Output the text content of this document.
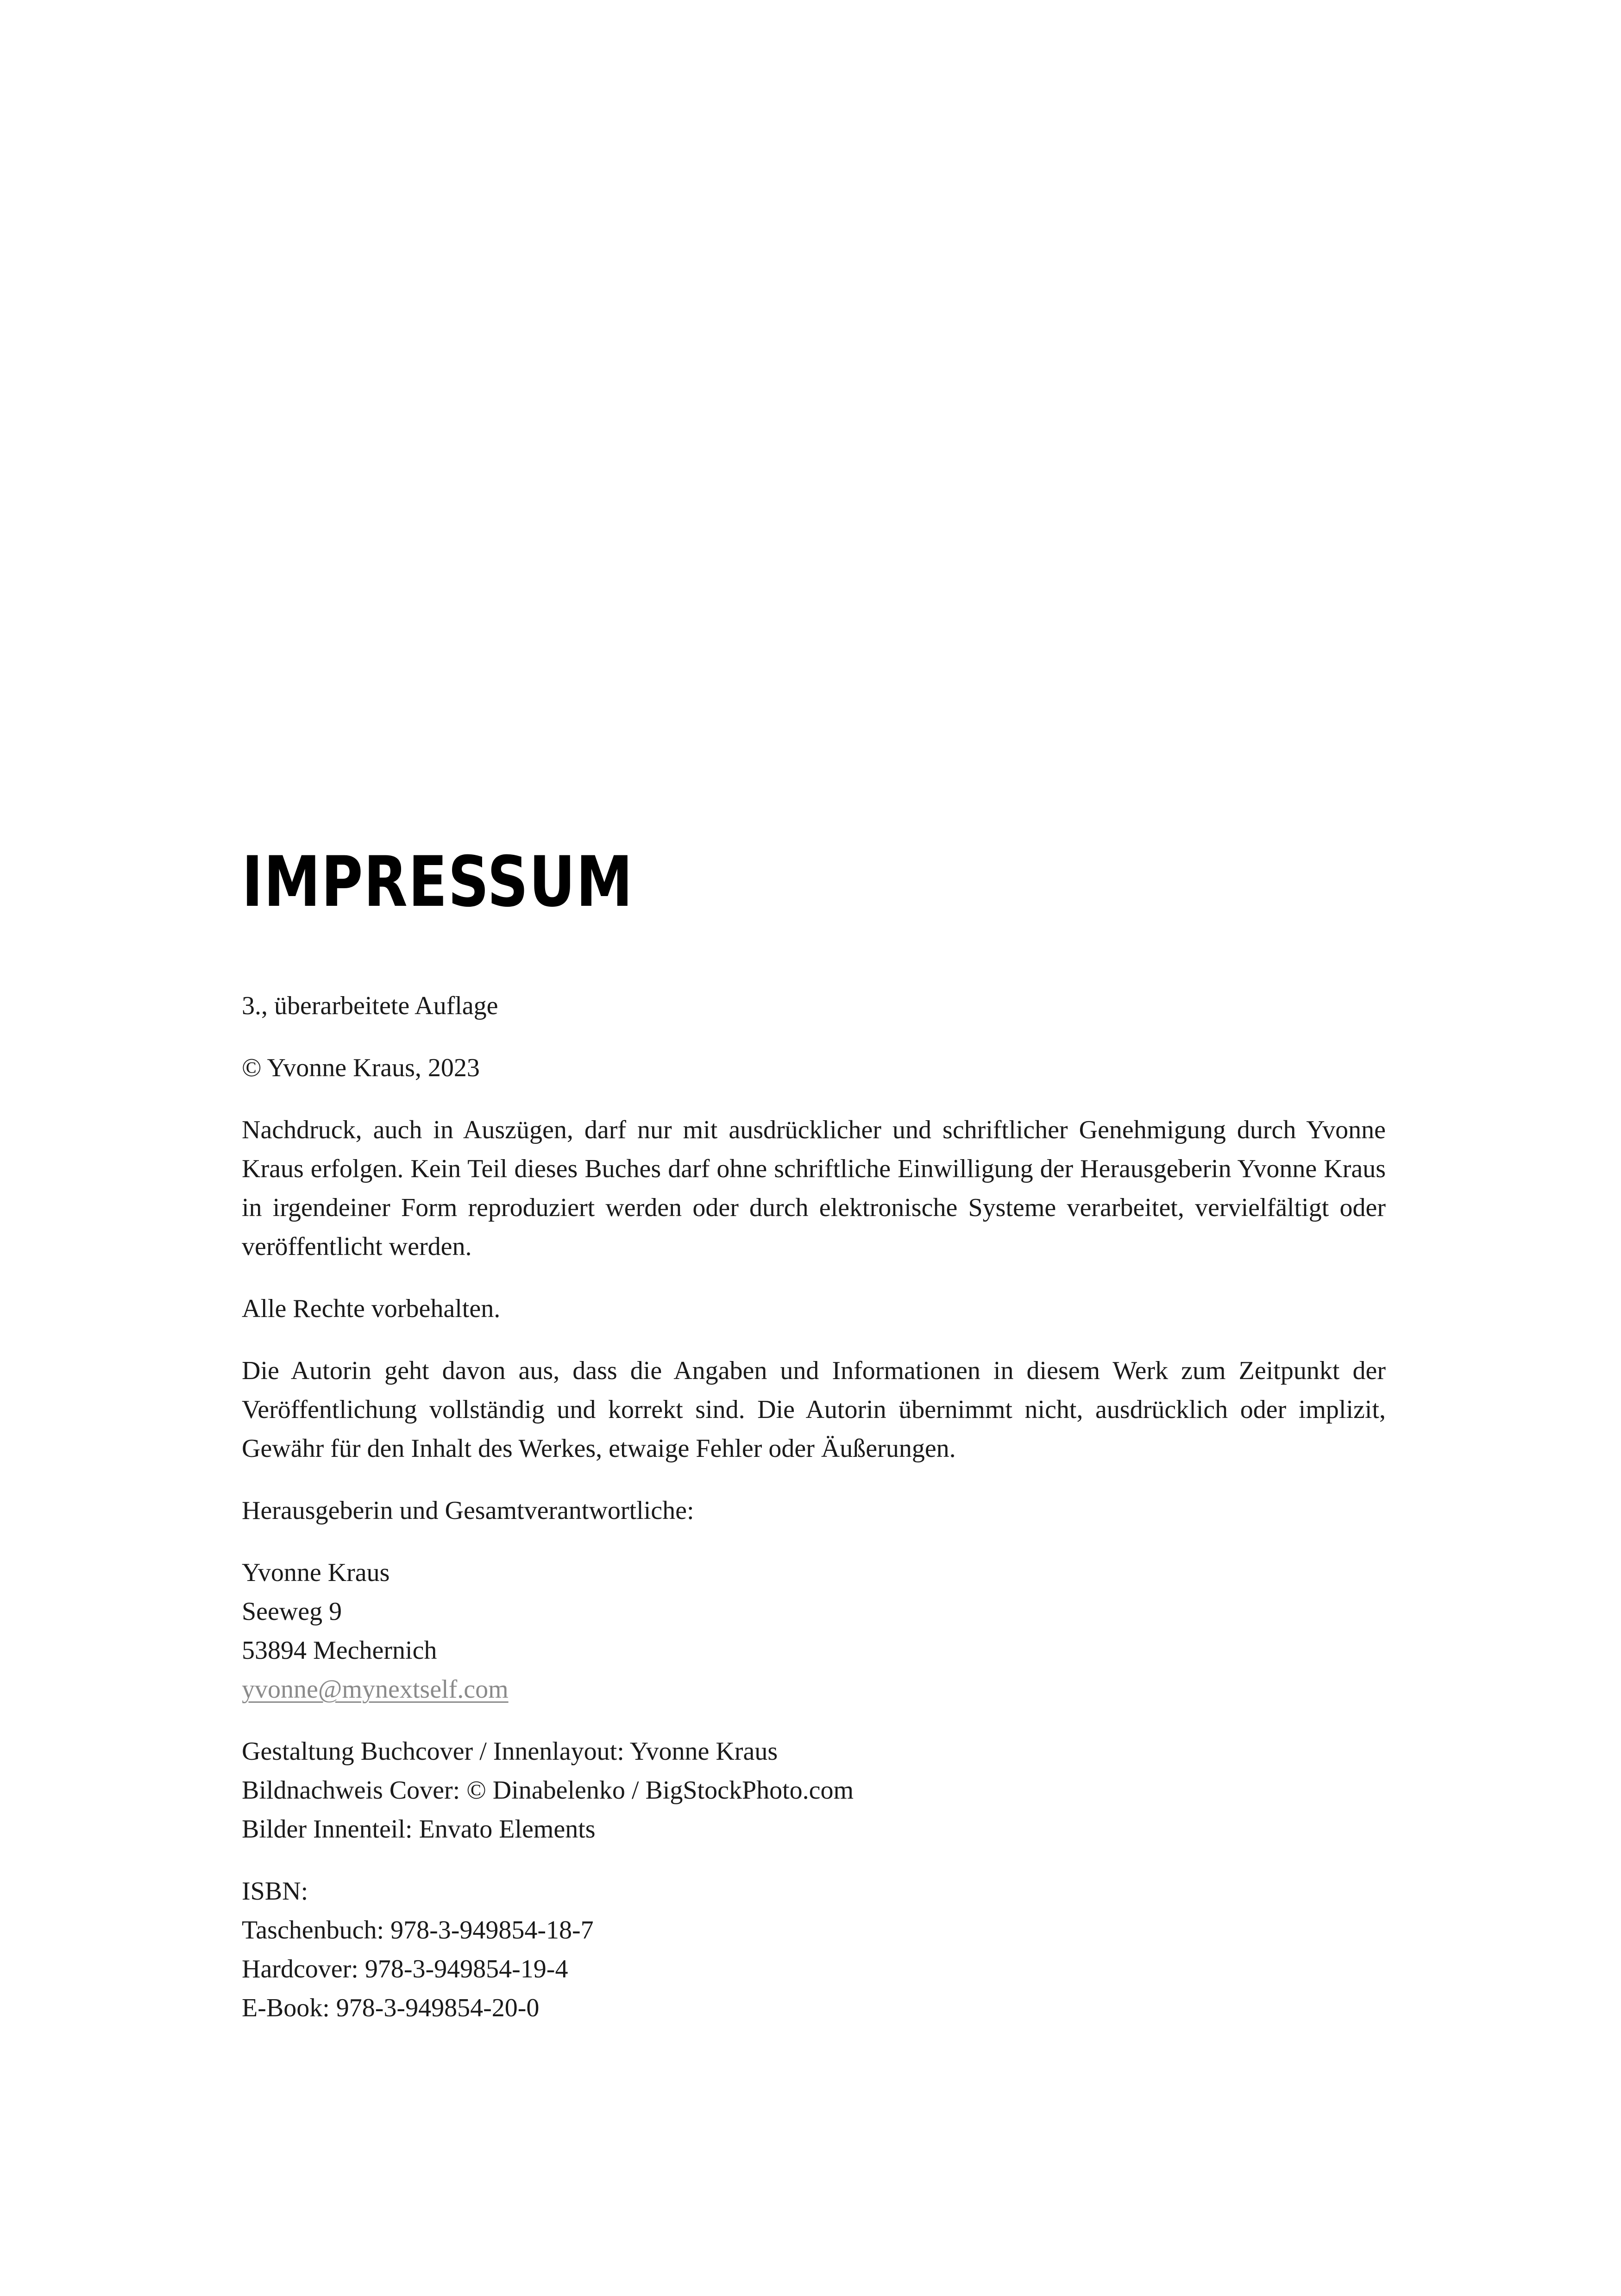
IMPRESSUM

3., überarbeitete Auflage

© Yvonne Kraus, 2023

Nachdruck, auch in Auszügen, darf nur mit ausdrücklicher und schriftlicher Genehmigung durch Yvonne Kraus erfolgen. Kein Teil dieses Buches darf ohne schriftliche Einwilligung der Herausgeberin Yvonne Kraus in irgendeiner Form reproduziert werden oder durch elektronische Systeme verarbeitet, vervielfältigt oder veröffentlicht werden.

Alle Rechte vorbehalten.

Die Autorin geht davon aus, dass die Angaben und Informationen in diesem Werk zum Zeitpunkt der Veröffentlichung vollständig und korrekt sind. Die Autorin übernimmt nicht, ausdrücklich oder implizit, Gewähr für den Inhalt des Werkes, etwaige Fehler oder Äußerungen.

Herausgeberin und Gesamtverantwortliche:

Yvonne Kraus
Seeweg 9
53894 Mechernich
yvonne@mynextself.com

Gestaltung Buchcover / Innenlayout: Yvonne Kraus
Bildnachweis Cover: © Dinabelenko / BigStockPhoto.com
Bilder Innenteil: Envato Elements

ISBN:
Taschenbuch: 978-3-949854-18-7
Hardcover: 978-3-949854-19-4
E-Book: 978-3-949854-20-0
